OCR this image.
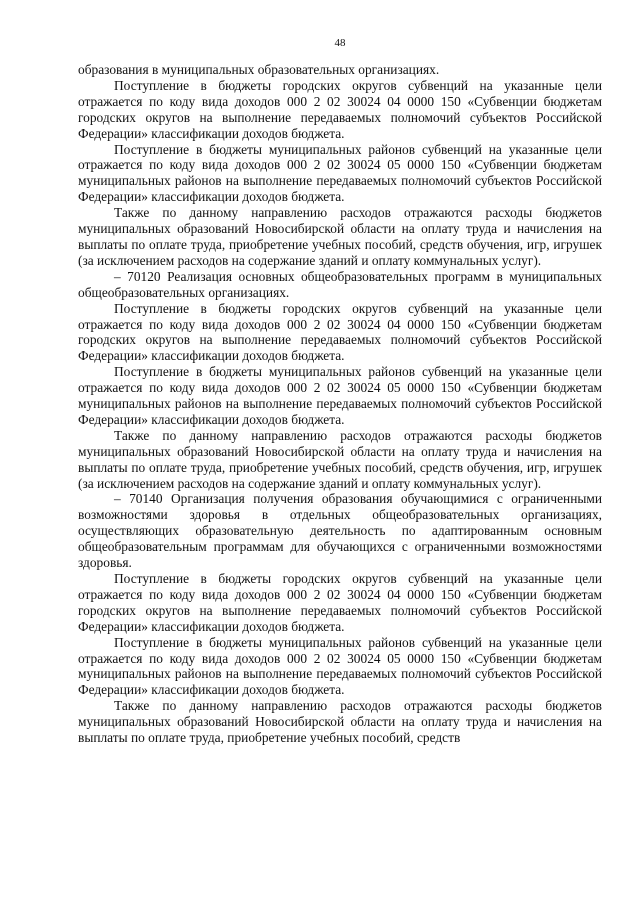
48

образования в муниципальных образовательных организациях.

Поступление в бюджеты городских округов субвенций на указанные цели отражается по коду вида доходов 000 2 02 30024 04 0000 150 «Субвенции бюджетам городских округов на выполнение передаваемых полномочий субъектов Российской Федерации» классификации доходов бюджета.

Поступление в бюджеты муниципальных районов субвенций на указанные цели отражается по коду вида доходов 000 2 02 30024 05 0000 150 «Субвенции бюджетам муниципальных районов на выполнение передаваемых полномочий субъектов Российской Федерации» классификации доходов бюджета.

Также по данному направлению расходов отражаются расходы бюджетов муниципальных образований Новосибирской области на оплату труда и начисления на выплаты по оплате труда, приобретение учебных пособий, средств обучения, игр, игрушек (за исключением расходов на содержание зданий и оплату коммунальных услуг).

– 70120 Реализация основных общеобразовательных программ в муниципальных общеобразовательных организациях.

Поступление в бюджеты городских округов субвенций на указанные цели отражается по коду вида доходов 000 2 02 30024 04 0000 150 «Субвенции бюджетам городских округов на выполнение передаваемых полномочий субъектов Российской Федерации» классификации доходов бюджета.

Поступление в бюджеты муниципальных районов субвенций на указанные цели отражается по коду вида доходов 000 2 02 30024 05 0000 150 «Субвенции бюджетам муниципальных районов на выполнение передаваемых полномочий субъектов Российской Федерации» классификации доходов бюджета.

Также по данному направлению расходов отражаются расходы бюджетов муниципальных образований Новосибирской области на оплату труда и начисления на выплаты по оплате труда, приобретение учебных пособий, средств обучения, игр, игрушек (за исключением расходов на содержание зданий и оплату коммунальных услуг).

– 70140 Организация получения образования обучающимися с ограниченными возможностями здоровья в отдельных общеобразовательных организациях, осуществляющих образовательную деятельность по адаптированным основным общеобразовательным программам для обучающихся с ограниченными возможностями здоровья.

Поступление в бюджеты городских округов субвенций на указанные цели отражается по коду вида доходов 000 2 02 30024 04 0000 150 «Субвенции бюджетам городских округов на выполнение передаваемых полномочий субъектов Российской Федерации» классификации доходов бюджета.

Поступление в бюджеты муниципальных районов субвенций на указанные цели отражается по коду вида доходов 000 2 02 30024 05 0000 150 «Субвенции бюджетам муниципальных районов на выполнение передаваемых полномочий субъектов Российской Федерации» классификации доходов бюджета.

Также по данному направлению расходов отражаются расходы бюджетов муниципальных образований Новосибирской области на оплату труда и начисления на выплаты по оплате труда, приобретение учебных пособий, средств
